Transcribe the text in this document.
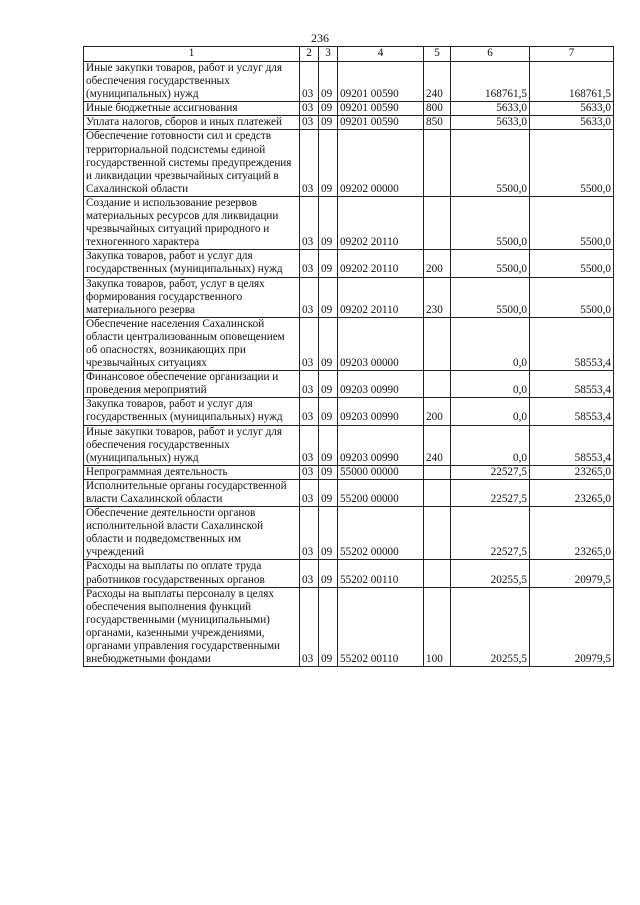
236
1	2	3	4	5	6	7
Иные закупки товаров, работ и услуг для обеспечения государственных (муниципальных) нужд	03	09	09201 00590	240	168761,5	168761,5
Иные бюджетные ассигнования	03	09	09201 00590	800	5633,0	5633,0
Уплата налогов, сборов и иных платежей	03	09	09201 00590	850	5633,0	5633,0
Обеспечение готовности сил и средств территориальной подсистемы единой государственной системы предупреждения и ликвидации чрезвычайных ситуаций в Сахалинской области	03	09	09202 00000		5500,0	5500,0
Создание и использование резервов материальных ресурсов для ликвидации чрезвычайных ситуаций природного и техногенного характера	03	09	09202 20110		5500,0	5500,0
Закупка товаров, работ и услуг для государственных (муниципальных) нужд	03	09	09202 20110	200	5500,0	5500,0
Закупка товаров, работ, услуг в целях формирования государственного материального резерва	03	09	09202 20110	230	5500,0	5500,0
Обеспечение населения Сахалинской области централизованным оповещением об опасностях, возникающих при чрезвычайных ситуациях	03	09	09203 00000		0,0	58553,4
Финансовое обеспечение организации и проведения мероприятий	03	09	09203 00990		0,0	58553,4
Закупка товаров, работ и услуг для государственных (муниципальных) нужд	03	09	09203 00990	200	0,0	58553,4
Иные закупки товаров, работ и услуг для обеспечения государственных (муниципальных) нужд	03	09	09203 00990	240	0,0	58553,4
Непрограммная деятельность	03	09	55000 00000		22527,5	23265,0
Исполнительные органы государственной власти Сахалинской области	03	09	55200 00000		22527,5	23265,0
Обеспечение деятельности органов исполнительной власти Сахалинской области и подведомственных им учреждений	03	09	55202 00000		22527,5	23265,0
Расходы на выплаты по оплате труда работников государственных органов	03	09	55202 00110		20255,5	20979,5
Расходы на выплаты персоналу в целях обеспечения выполнения функций государственными (муниципальными) органами, казенными учреждениями, органами управления государственными внебюджетными фондами	03	09	55202 00110	100	20255,5	20979,5
